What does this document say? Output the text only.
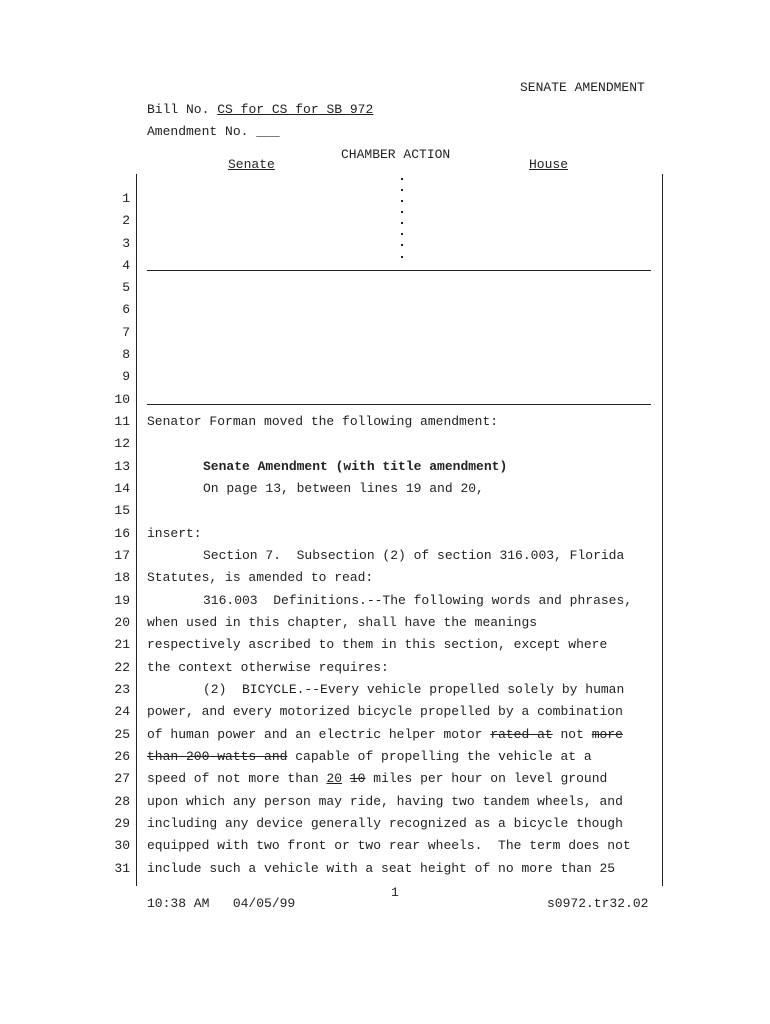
SENATE AMENDMENT
Bill No. CS for CS for SB 972
Amendment No. ___
CHAMBER ACTION
Senate	House
1
2
3
4
5
6
7
8
9
10
11
12
13
14
15
16
17
18
19
20
21
22
23
24
25
26
27
28
29
30
31
Senator Forman moved the following amendment:
Senate Amendment (with title amendment)
On page 13, between lines 19 and 20,
insert:
Section 7.  Subsection (2) of section 316.003, Florida
Statutes, is amended to read:
316.003  Definitions.--The following words and phrases,
when used in this chapter, shall have the meanings
respectively ascribed to them in this section, except where
the context otherwise requires:
(2)  BICYCLE.--Every vehicle propelled solely by human
power, and every motorized bicycle propelled by a combination
of human power and an electric helper motor rated at not more
than 200 watts and capable of propelling the vehicle at a
speed of not more than 20 10 miles per hour on level ground
upon which any person may ride, having two tandem wheels, and
including any device generally recognized as a bicycle though
equipped with two front or two rear wheels.  The term does not
include such a vehicle with a seat height of no more than 25
1
10:38 AM 04/05/99	s0972.tr32.02
